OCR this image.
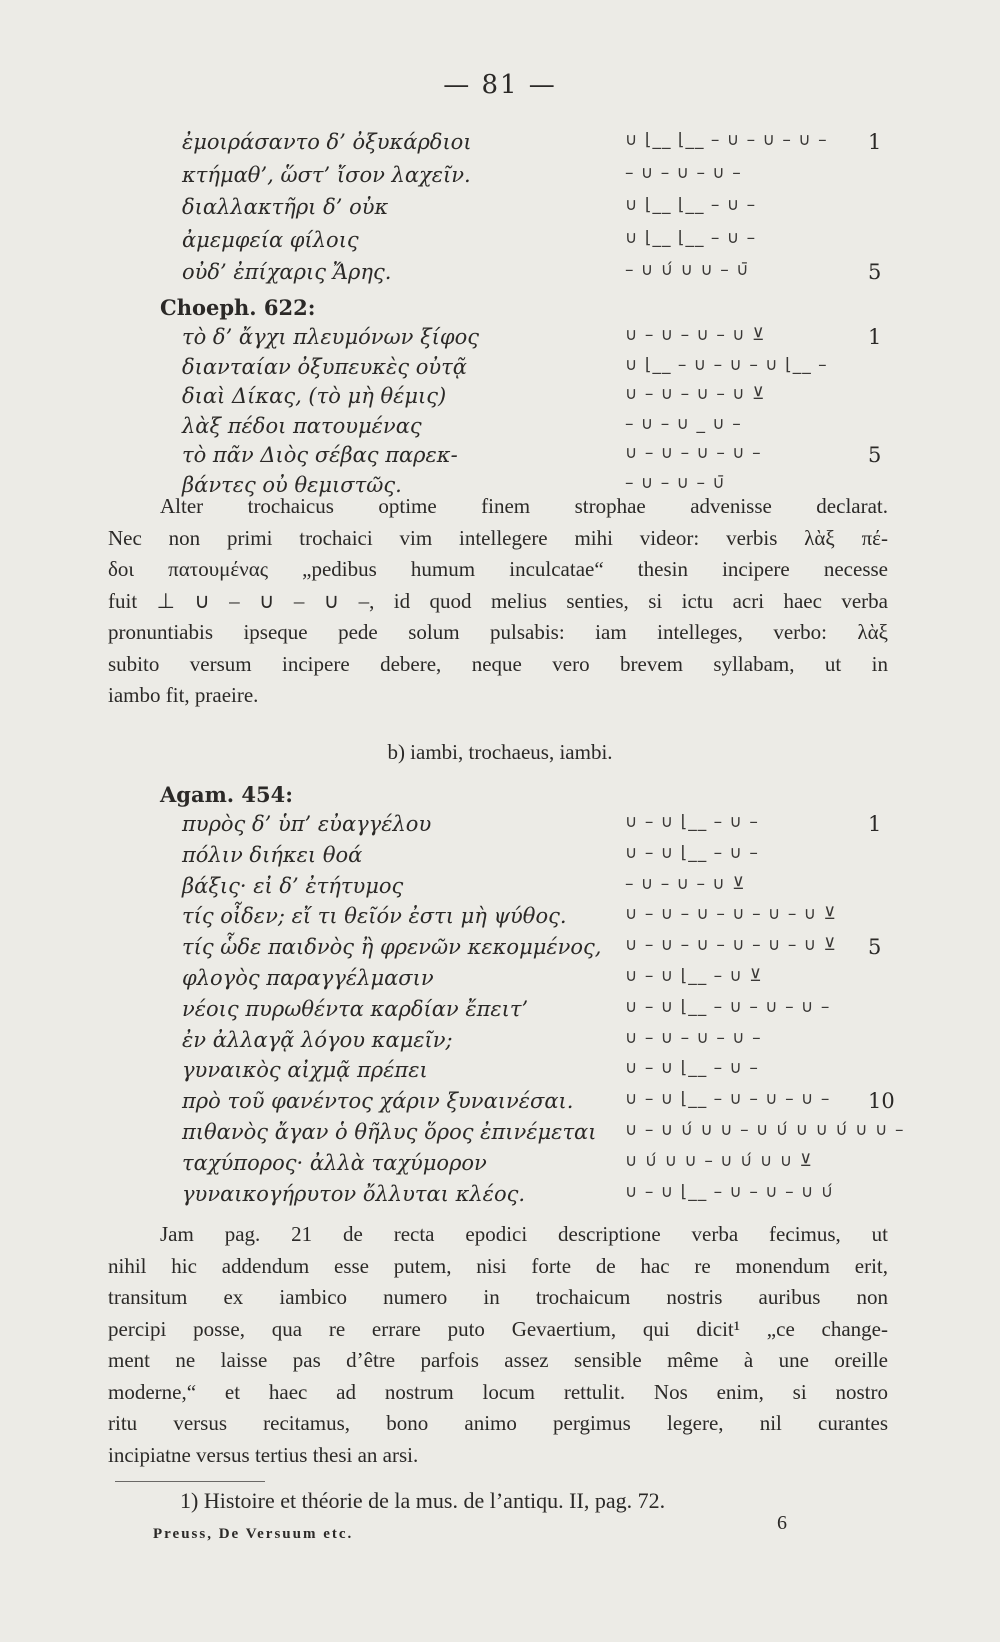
— 81 —
ἐμοιράσαντο δ’ ὀξυκάρδιοι	∪ ⌊__ ⌊__ – ∪ – ∪ – ∪ – 1
κτήμαθ’, ὥστ’ ἴσον λαχεῖν.	– ∪ – ∪ – ∪ –
διαλλακτῆρι δ’ οὐκ	∪ ⌊__ ⌊__ – ∪ –
ἀμεμφεία φίλοις	∪ ⌊__ ⌊__ – ∪ –
οὐδ’ ἐπίχαρις Ἄρης.	– ∪ ∪́ ∪ ∪ – ∪̄	5
Choeph. 622:
τὸ δ’ ἄγχι πλευμόνων ξίφος	∪ – ∪ – ∪ – ∪ ⊻	1
διανταίαν ὀξυπευκὲς οὐτᾷ	∪ ⌊__ – ∪ – ∪ – ∪ ⌊__ –
διαὶ Δίκας, (τὸ μὴ θέμις)	∪ – ∪ – ∪ – ∪ ⊻
λὰξ πέδοι πατουμένας	– ∪ – ∪ _ ∪ –
τὸ πᾶν Διὸς σέβας παρεκ-	∪ – ∪ – ∪ – ∪ –	5
βάντες οὐ θεμιστῶς.	– ∪ – ∪ – ∪̄
Alter trochaicus optime finem strophae advenisse declarat.
Nec non primi trochaici vim intellegere mihi videor: verbis λὰξ πέ-
δοι πατουμένας „pedibus humum inculcatae“ thesin incipere necesse
fuit ⊥ ∪ – ∪ – ∪ –, id quod melius senties, si ictu acri haec verba
pronuntiabis ipseque pede solum pulsabis: iam intelleges, verbo: λὰξ
subito versum incipere debere, neque vero brevem syllabam, ut in
iambo fit, praeire.
b) iambi, trochaeus, iambi.
Agam. 454:
πυρὸς δ’ ὑπ’ εὐαγγέλου	∪ – ∪ ⌊__ – ∪ –	1
πόλιν διήκει θοά	∪ – ∪ ⌊__ – ∪ –
βάξις· εἰ δ’ ἐτήτυμος	– ∪ – ∪ – ∪ ⊻
τίς οἶδεν; εἴ τι θεῖόν ἐστι μὴ ψύθος.	∪ – ∪ – ∪ – ∪ – ∪ – ∪ ⊻
τίς ὧδε παιδνὸς ἢ φρενῶν κεκομμένος, ∪ – ∪ – ∪ – ∪ – ∪ – ∪ ⊻ 5
φλογὸς παραγγέλμασιν	∪ – ∪ ⌊__ – ∪ ⊻
νέοις πυρωθέντα καρδίαν ἔπειτ’	∪ – ∪ ⌊__ – ∪ – ∪ – ∪ –
ἐν ἀλλαγᾷ λόγου καμεῖν;	∪ – ∪ – ∪ – ∪ –
γυναικὸς αἰχμᾷ πρέπει	∪ – ∪ ⌊__ – ∪ –
πρὸ τοῦ φανέντος χάριν ξυναινέσαι.	∪ – ∪ ⌊__ – ∪ – ∪ – ∪ – 10
πιθανὸς ἄγαν ὁ θῆλυς ὅρος ἐπινέμεται ∪ – ∪ ∪́ ∪ ∪ – ∪ ∪́ ∪ ∪ ∪́ ∪ ∪ –
ταχύπορος· ἀλλὰ ταχύμορον	∪ ∪́ ∪ ∪ – ∪ ∪́ ∪ ∪ ⊻
γυναικογήρυτον ὄλλυται κλέος.	∪ – ∪ ⌊__ – ∪ – ∪ – ∪ ∪́
Jam pag. 21 de recta epodici descriptione verba fecimus, ut
nihil hic addendum esse putem, nisi forte de hac re monendum erit,
transitum ex iambico numero in trochaicum nostris auribus non
percipi posse, qua re errare puto Gevaertium, qui dicit¹ „ce change-
ment ne laisse pas d’être parfois assez sensible même à une oreille
moderne,“ et haec ad nostrum locum rettulit. Nos enim, si nostro
ritu versus recitamus, bono animo pergimus legere, nil curantes
incipiatne versus tertius thesi an arsi.
1) Histoire et théorie de la mus. de l’antiqu. II, pag. 72.
6
Preuss, De Versuum etc.
